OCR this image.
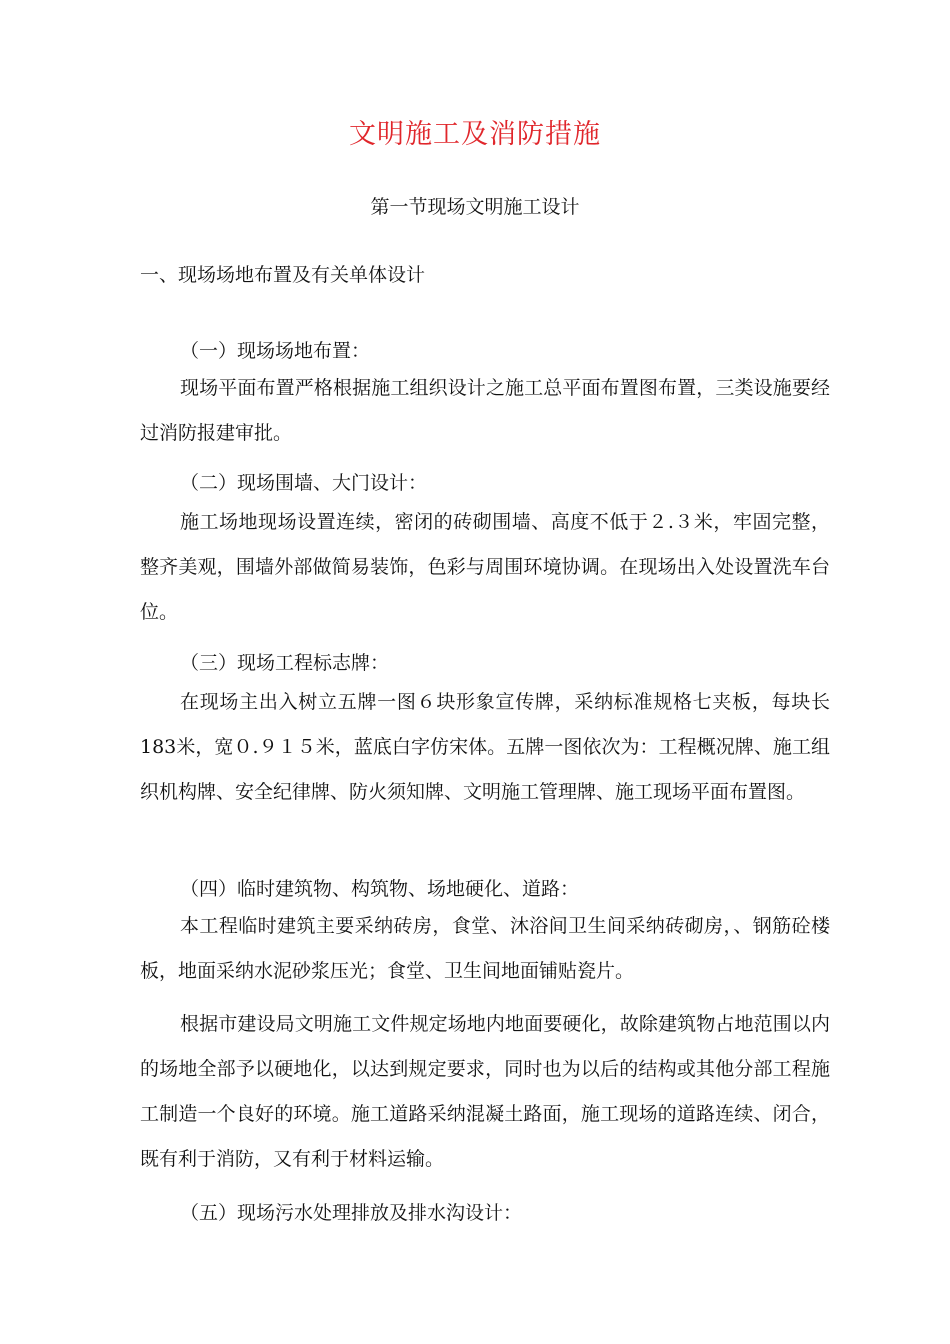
文明施工及消防措施
第一节现场文明施工设计
一、现场场地布置及有关单体设计
（一）现场场地布置：

现场平面布置严格根据施工组织设计之施工总平面布置图布置，三类设施要经过消防报建审批。

（二）现场围墙、大门设计：

施工场地现场设置连续，密闭的砖砌围墙、高度不低于２.３米，牢固完整，整齐美观，围墙外部做简易装饰，色彩与周围环境协调。在现场出入处设置洗车台位。

（三）现场工程标志牌：

在现场主出入树立五牌一图６块形象宣传牌，采纳标准规格七夹板，每块长183米，宽０.９１５米，蓝底白字仿宋体。五牌一图依次为：工程概况牌、施工组织机构牌、安全纪律牌、防火须知牌、文明施工管理牌、施工现场平面布置图。

（四）临时建筑物、构筑物、场地硬化、道路：

本工程临时建筑主要采纳砖房，食堂、沐浴间卫生间采纳砖砌房，、钢筋砼楼板，地面采纳水泥砂浆压光；食堂、卫生间地面铺贴瓷片。

根据市建设局文明施工文件规定场地内地面要硬化，故除建筑物占地范围以内的场地全部予以硬地化，以达到规定要求，同时也为以后的结构或其他分部工程施工制造一个良好的环境。施工道路采纳混凝土路面，施工现场的道路连续、闭合，既有利于消防，又有利于材料运输。

（五）现场污水处理排放及排水沟设计：
